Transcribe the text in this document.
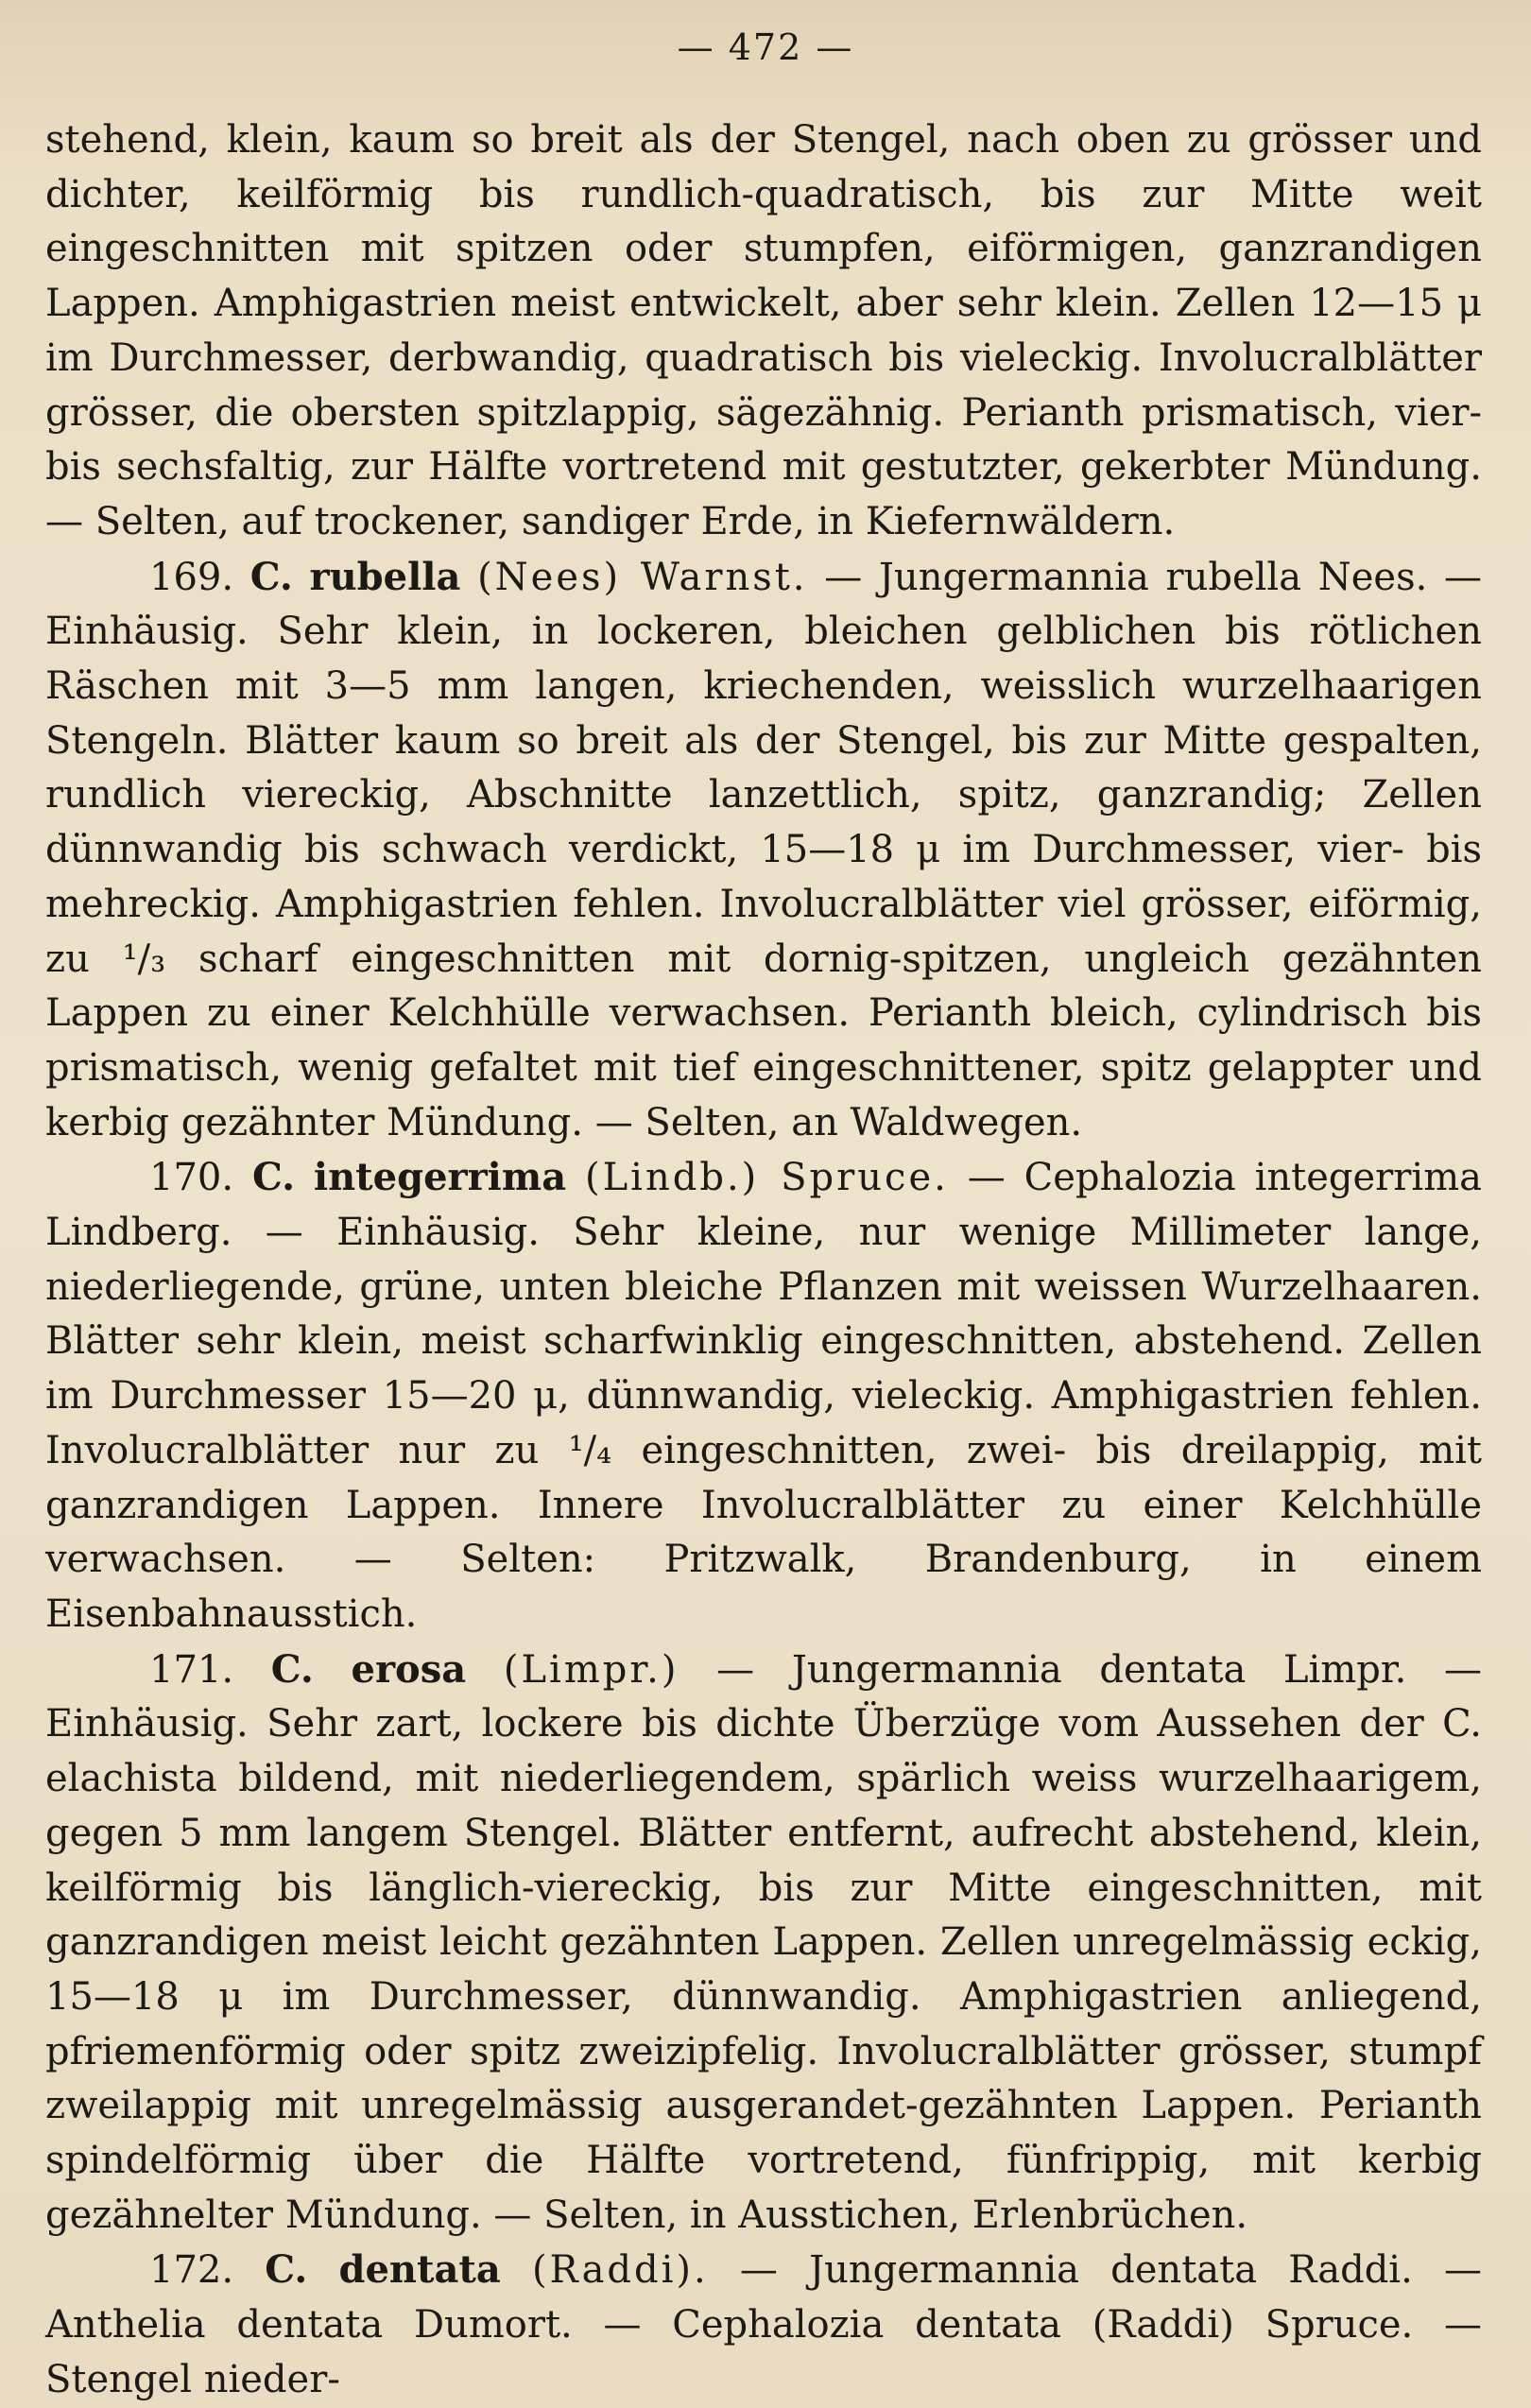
— 472 —

stehend, klein, kaum so breit als der Stengel, nach oben zu grösser und dichter, keilförmig bis rundlich-quadratisch, bis zur Mitte weit eingeschnitten mit spitzen oder stumpfen, eiförmigen, ganzrandigen Lappen. Amphigastrien meist entwickelt, aber sehr klein. Zellen 12—15 μ im Durchmesser, derbwandig, quadratisch bis vieleckig. Involucralblätter grösser, die obersten spitzlappig, sägezähnig. Perianth prismatisch, vier- bis sechsfaltig, zur Hälfte vortretend mit gestutzter, gekerbter Mündung. — Selten, auf trockener, sandiger Erde, in Kiefernwäldern.

169. C. rubella (Nees) Warnst. — Jungermannia rubella Nees. — Einhäusig. Sehr klein, in lockeren, bleichen gelblichen bis rötlichen Räschen mit 3—5 mm langen, kriechenden, weisslich wurzelhaarigen Stengeln. Blätter kaum so breit als der Stengel, bis zur Mitte gespalten, rundlich viereckig, Abschnitte lanzettlich, spitz, ganzrandig; Zellen dünnwandig bis schwach verdickt, 15—18 μ im Durchmesser, vier- bis mehreckig. Amphigastrien fehlen. Involucralblätter viel grösser, eiförmig, zu ¹/₃ scharf eingeschnitten mit dornig-spitzen, ungleich gezähnten Lappen zu einer Kelchhülle verwachsen. Perianth bleich, cylindrisch bis prismatisch, wenig gefaltet mit tief eingeschnittener, spitz gelappter und kerbig gezähnter Mündung. — Selten, an Waldwegen.

170. C. integerrima (Lindb.) Spruce. — Cephalozia integerrima Lindberg. — Einhäusig. Sehr kleine, nur wenige Millimeter lange, niederliegende, grüne, unten bleiche Pflanzen mit weissen Wurzelhaaren. Blätter sehr klein, meist scharfwinklig eingeschnitten, abstehend. Zellen im Durchmesser 15—20 μ, dünnwandig, vieleckig. Amphigastrien fehlen. Involucralblätter nur zu ¹/₄ eingeschnitten, zwei- bis dreilappig, mit ganzrandigen Lappen. Innere Involucralblätter zu einer Kelchhülle verwachsen. — Selten: Pritzwalk, Brandenburg, in einem Eisenbahnausstich.

171. C. erosa (Limpr.) — Jungermannia dentata Limpr. — Einhäusig. Sehr zart, lockere bis dichte Überzüge vom Aussehen der C. elachista bildend, mit niederliegendem, spärlich weiss wurzelhaarigem, gegen 5 mm langem Stengel. Blätter entfernt, aufrecht abstehend, klein, keilförmig bis länglich-viereckig, bis zur Mitte eingeschnitten, mit ganzrandigen meist leicht gezähnten Lappen. Zellen unregelmässig eckig, 15—18 μ im Durchmesser, dünnwandig. Amphigastrien anliegend, pfriemenförmig oder spitz zweizipfelig. Involucralblätter grösser, stumpf zweilappig mit unregelmässig ausgerandet-gezähnten Lappen. Perianth spindelförmig über die Hälfte vortretend, fünfrippig, mit kerbig gezähnelter Mündung. — Selten, in Ausstichen, Erlenbrüchen.

172. C. dentata (Raddi). — Jungermannia dentata Raddi. — Anthelia dentata Dumort. — Cephalozia dentata (Raddi) Spruce. — Stengel nieder-
